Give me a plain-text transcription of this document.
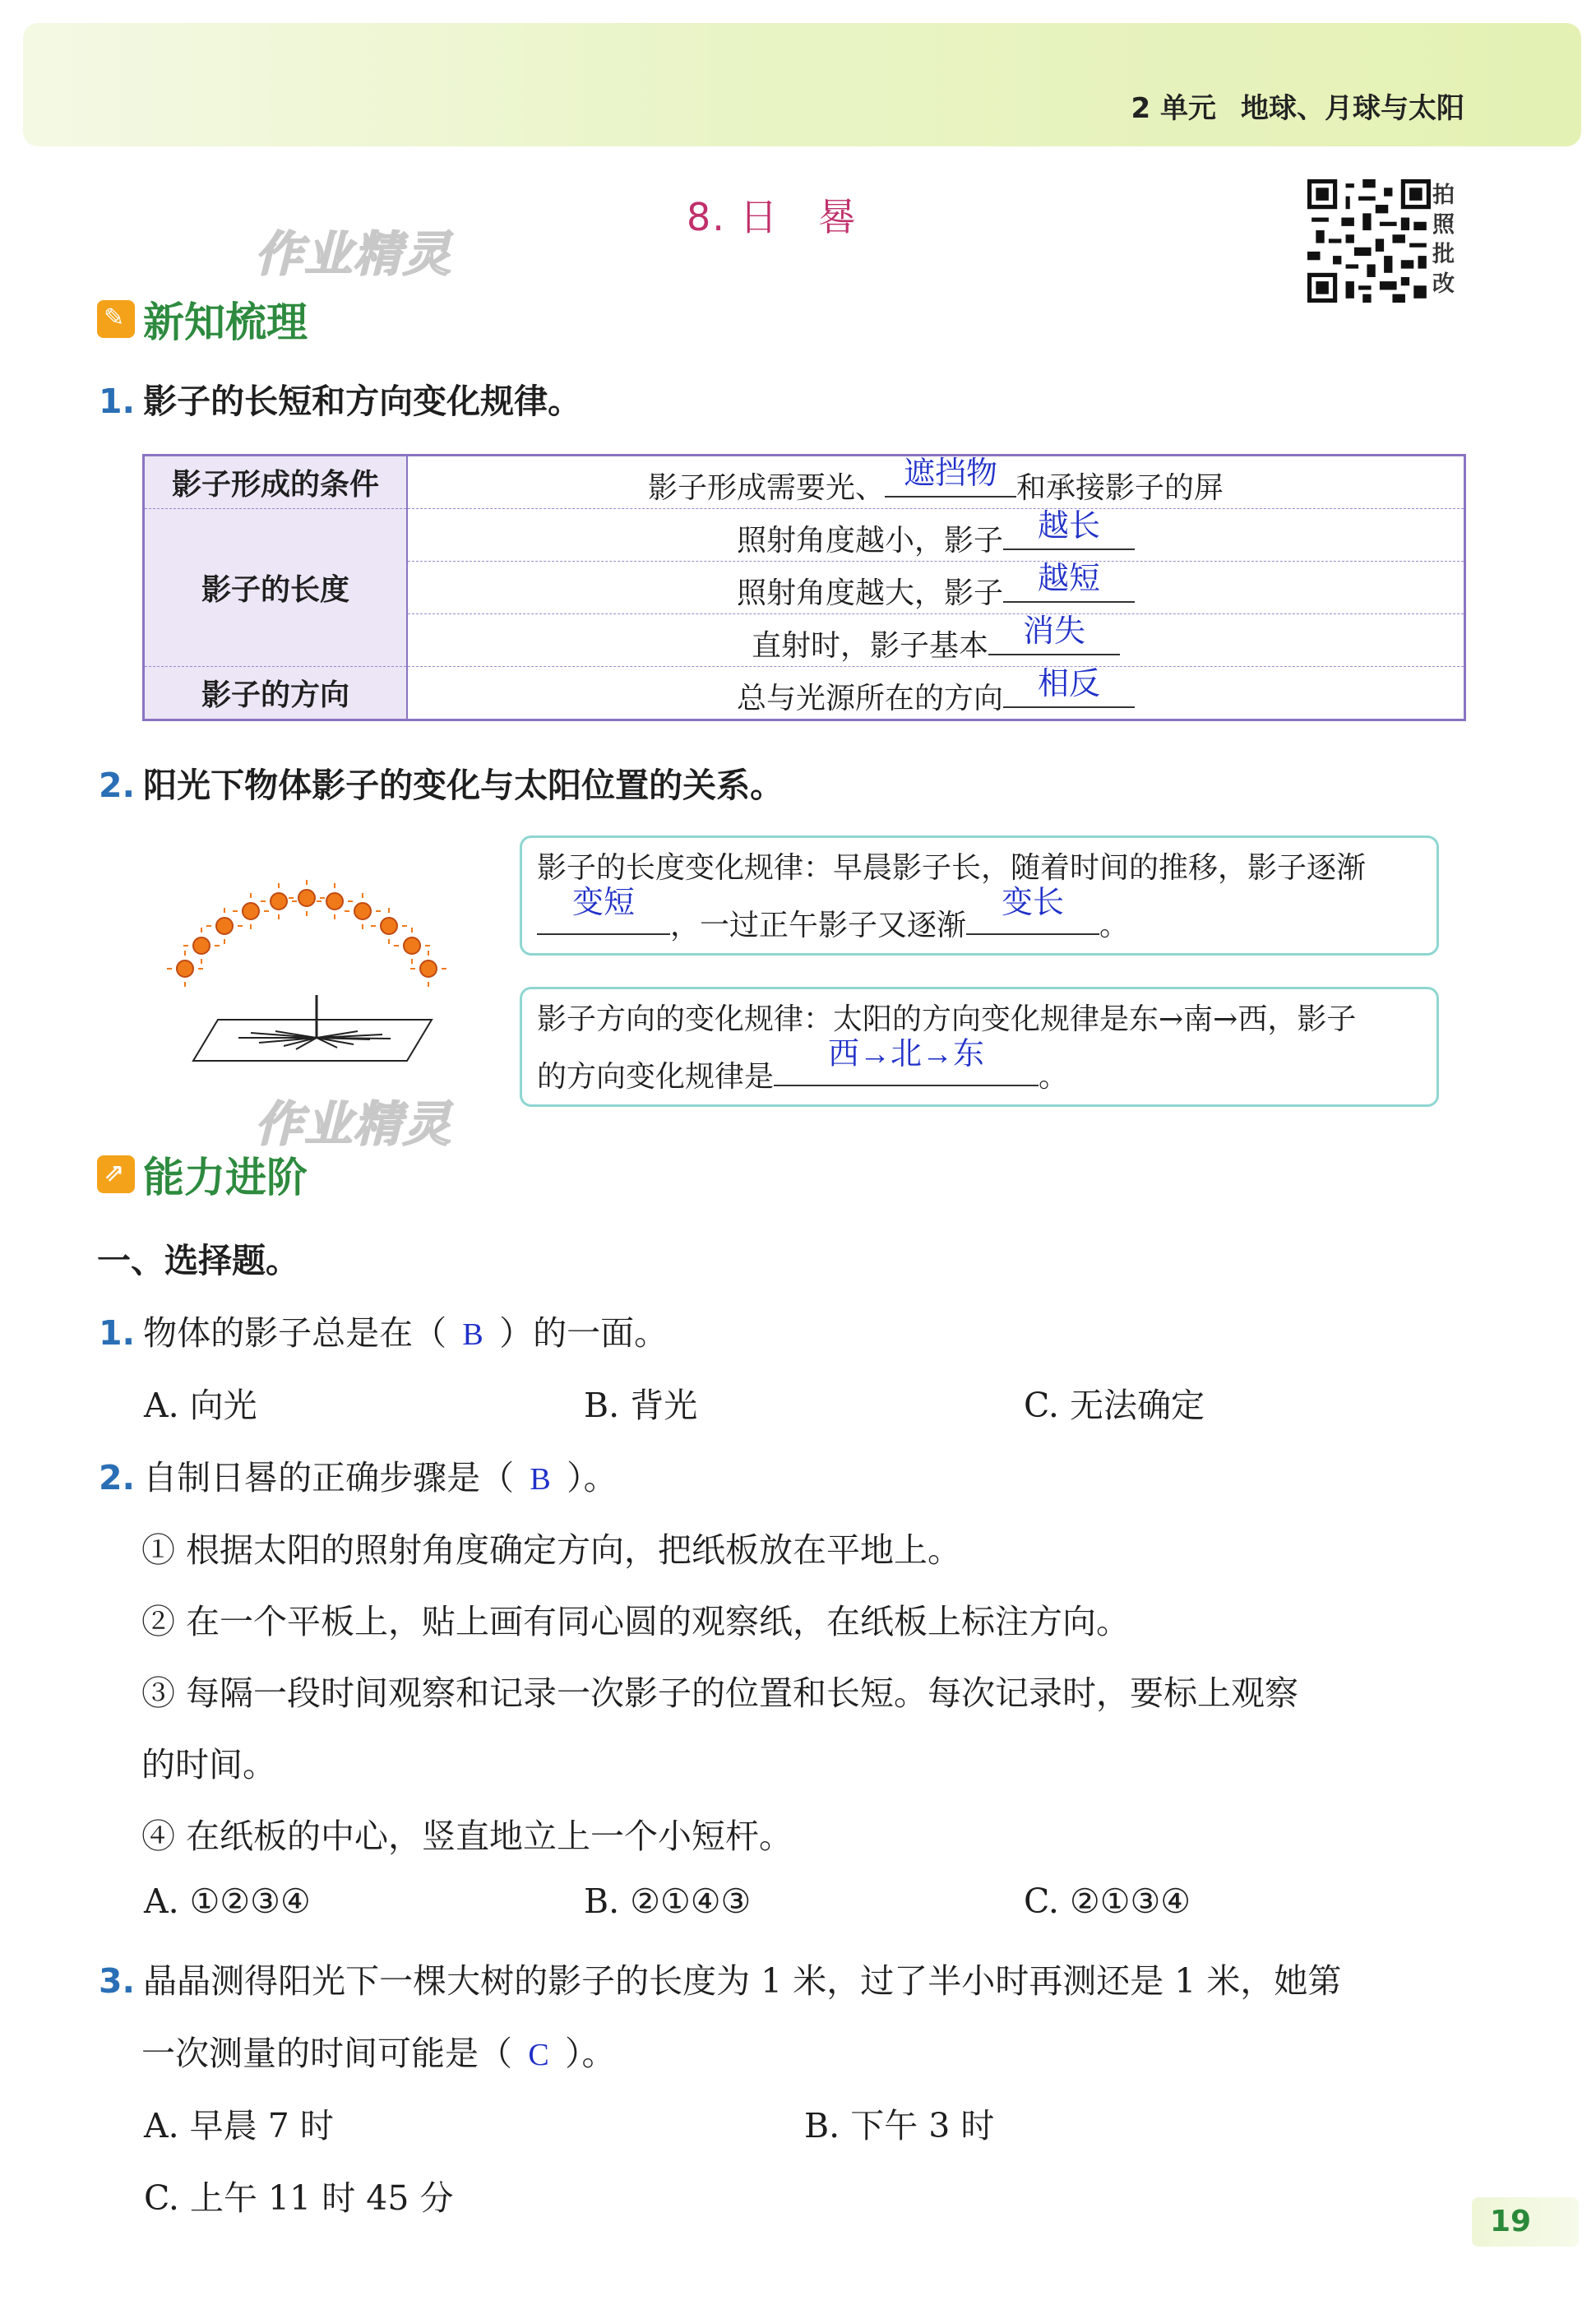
2 单元 地球、月球与太阳
8. 日　晷	拍照批改
作业精灵
作业精灵
✎ 新知梳理
1. 影子的长短和方向变化规律。
影子形成的条件	影子形成需要光、 遮挡物 和承接影子的屏
影子的长度	照射角度越小，影子 越长

	照射角度越大，影子 越短

	直射时，影子基本 消失

影子的方向	总与光源所在的方向 相反
2. 阳光下物体影子的变化与太阳位置的关系。
影子的长度变化规律：早晨影子长，随着时间的推移，影子逐渐
变短
，一过正午影子又逐渐
变长
。
影子方向的变化规律：太阳的方向变化规律是东→南→西，影子
的方向变化规律是
西→北→东
。
⇗ 能力进阶
一、选择题。
1. 物体的影子总是在（ B ）的一面。
A. 向光	B. 背光	C. 无法确定
2. 自制日晷的正确步骤是（ B ）。
① 根据太阳的照射角度确定方向，把纸板放在平地上。
② 在一个平板上，贴上画有同心圆的观察纸，在纸板上标注方向。
③ 每隔一段时间观察和记录一次影子的位置和长短。每次记录时，要标上观察
的时间。
④ 在纸板的中心，竖直地立上一个小短杆。
A. ①②③④	B. ②①④③	C. ②①③④
3. 晶晶测得阳光下一棵大树的影子的长度为 1 米，过了半小时再测还是 1 米，她第
一次测量的时间可能是（ C ）。
A. 早晨 7 时	B. 下午 3 时
C. 上午 11 时 45 分
19
